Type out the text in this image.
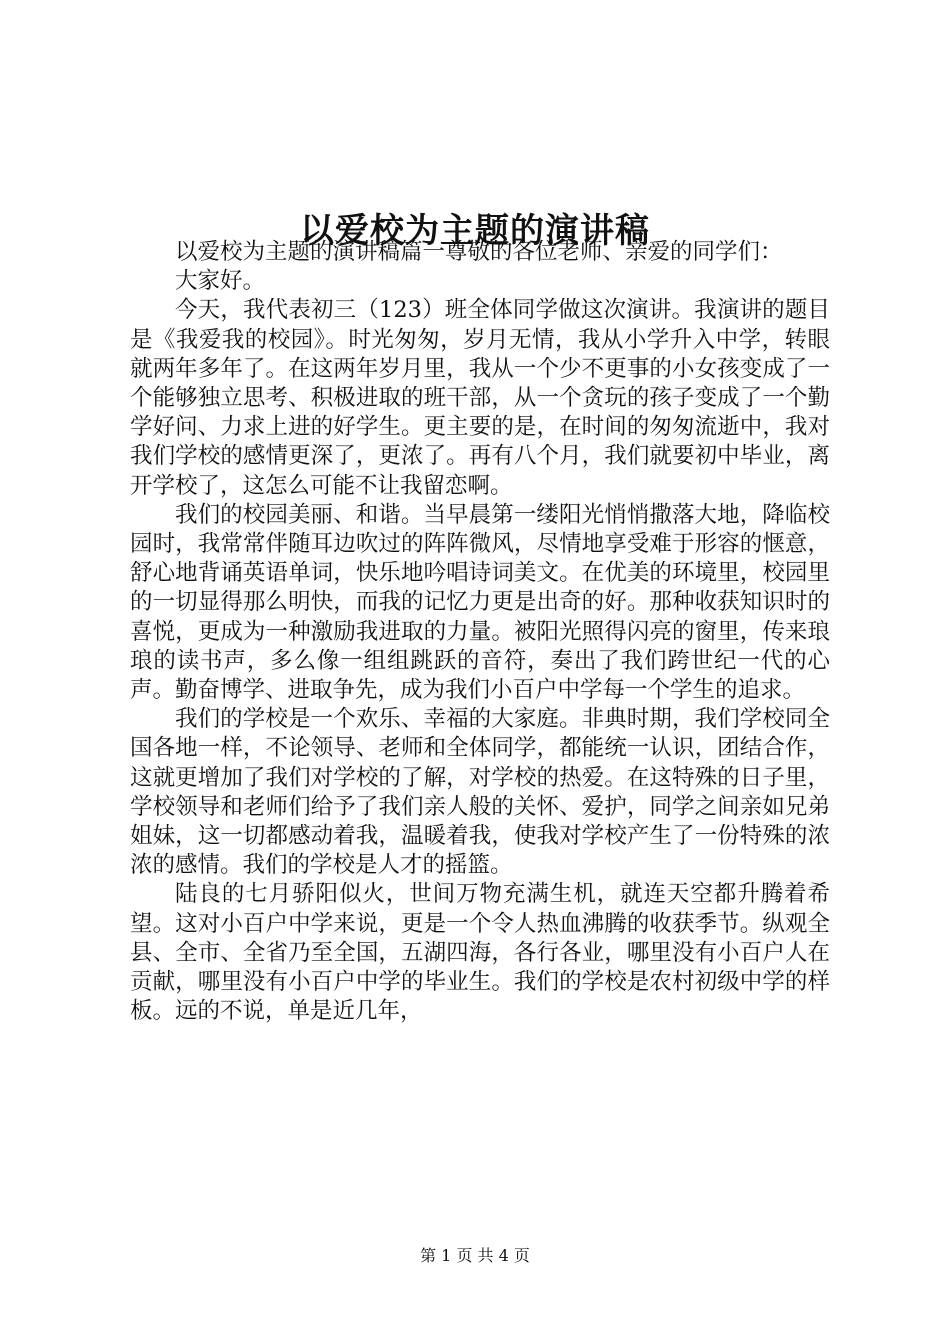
以爱校为主题的演讲稿

以爱校为主题的演讲稿篇一尊敬的各位老师、亲爱的同学们：

大家好。

今天，我代表初三（123）班全体同学做这次演讲。我演讲的题目是《我爱我的校园》。时光匆匆，岁月无情，我从小学升入中学，转眼就两年多年了。在这两年岁月里，我从一个少不更事的小女孩变成了一个能够独立思考、积极进取的班干部，从一个贪玩的孩子变成了一个勤学好问、力求上进的好学生。更主要的是，在时间的匆匆流逝中，我对我们学校的感情更深了，更浓了。再有八个月，我们就要初中毕业，离开学校了，这怎么可能不让我留恋啊。

我们的校园美丽、和谐。当早晨第一缕阳光悄悄撒落大地，降临校园时，我常常伴随耳边吹过的阵阵微风，尽情地享受难于形容的惬意，舒心地背诵英语单词，快乐地吟唱诗词美文。在优美的环境里，校园里的一切显得那么明快，而我的记忆力更是出奇的好。那种收获知识时的喜悦，更成为一种激励我进取的力量。被阳光照得闪亮的窗里，传来琅琅的读书声，多么像一组组跳跃的音符，奏出了我们跨世纪一代的心声。勤奋博学、进取争先，成为我们小百户中学每一个学生的追求。

我们的学校是一个欢乐、幸福的大家庭。非典时期，我们学校同全国各地一样，不论领导、老师和全体同学，都能统一认识，团结合作，这就更增加了我们对学校的了解，对学校的热爱。在这特殊的日子里，学校领导和老师们给予了我们亲人般的关怀、爱护，同学之间亲如兄弟姐妹，这一切都感动着我，温暖着我，使我对学校产生了一份特殊的浓浓的感情。我们的学校是人才的摇篮。

陆良的七月骄阳似火，世间万物充满生机，就连天空都升腾着希望。这对小百户中学来说，更是一个令人热血沸腾的收获季节。纵观全县、全市、全省乃至全国，五湖四海，各行各业，哪里没有小百户人在贡献，哪里没有小百户中学的毕业生。我们的学校是农村初级中学的样板。远的不说，单是近几年，

第 1 页 共 4 页
